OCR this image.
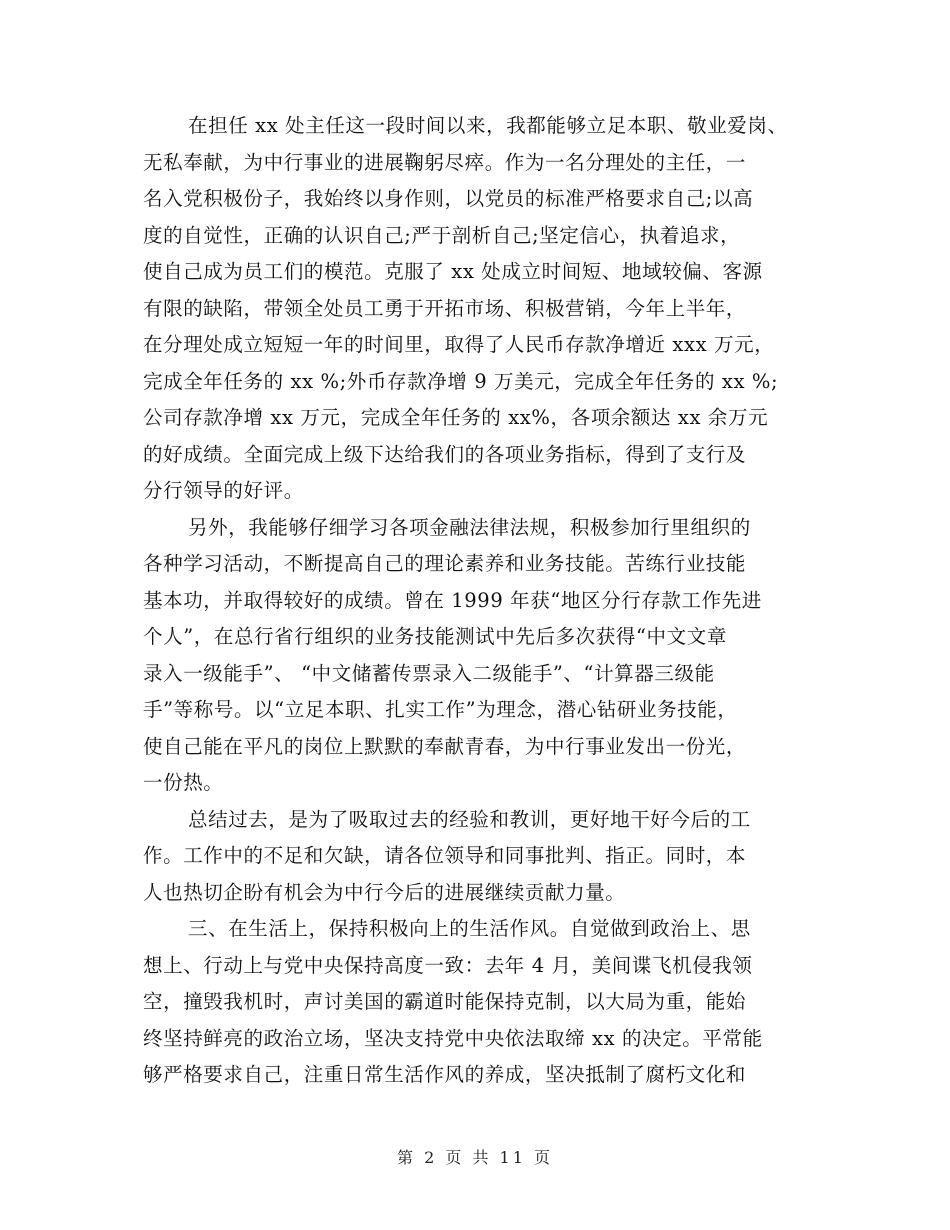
在担任 xx 处主任这一段时间以来，我都能够立足本职、敬业爱岗、
无私奉献，为中行事业的进展鞠躬尽瘁。作为一名分理处的主任，一
名入党积极份子，我始终以身作则，以党员的标准严格要求自己;以高
度的自觉性，正确的认识自己;严于剖析自己;坚定信心，执着追求，
使自己成为员工们的模范。克服了 xx 处成立时间短、地域较偏、客源
有限的缺陷，带领全处员工勇于开拓市场、积极营销，今年上半年，
在分理处成立短短一年的时间里，取得了人民币存款净增近 xxx 万元，
完成全年任务的 xx %;外币存款净增 9 万美元，完成全年任务的 xx %;
公司存款净增 xx 万元，完成全年任务的 xx%，各项余额达 xx 余万元
的好成绩。全面完成上级下达给我们的各项业务指标，得到了支行及
分行领导的好评。
另外，我能够仔细学习各项金融法律法规，积极参加行里组织的
各种学习活动，不断提高自己的理论素养和业务技能。苦练行业技能
基本功，并取得较好的成绩。曾在 1999 年获“地区分行存款工作先进
个人”，在总行省行组织的业务技能测试中先后多次获得“中文文章
录入一级能手”、 “中文储蓄传票录入二级能手”、“计算器三级能
手”等称号。以“立足本职、扎实工作”为理念，潜心钻研业务技能，
使自己能在平凡的岗位上默默的奉献青春，为中行事业发出一份光，
一份热。
总结过去，是为了吸取过去的经验和教训，更好地干好今后的工
作。工作中的不足和欠缺，请各位领导和同事批判、指正。同时，本
人也热切企盼有机会为中行今后的进展继续贡献力量。
三、在生活上，保持积极向上的生活作风。自觉做到政治上、思
想上、行动上与党中央保持高度一致：去年 4 月，美间谍飞机侵我领
空，撞毁我机时，声讨美国的霸道时能保持克制，以大局为重，能始
终坚持鲜亮的政治立场，坚决支持党中央依法取缔 xx 的决定。平常能
够严格要求自己，注重日常生活作风的养成，坚决抵制了腐朽文化和
第 2 页 共 11 页
